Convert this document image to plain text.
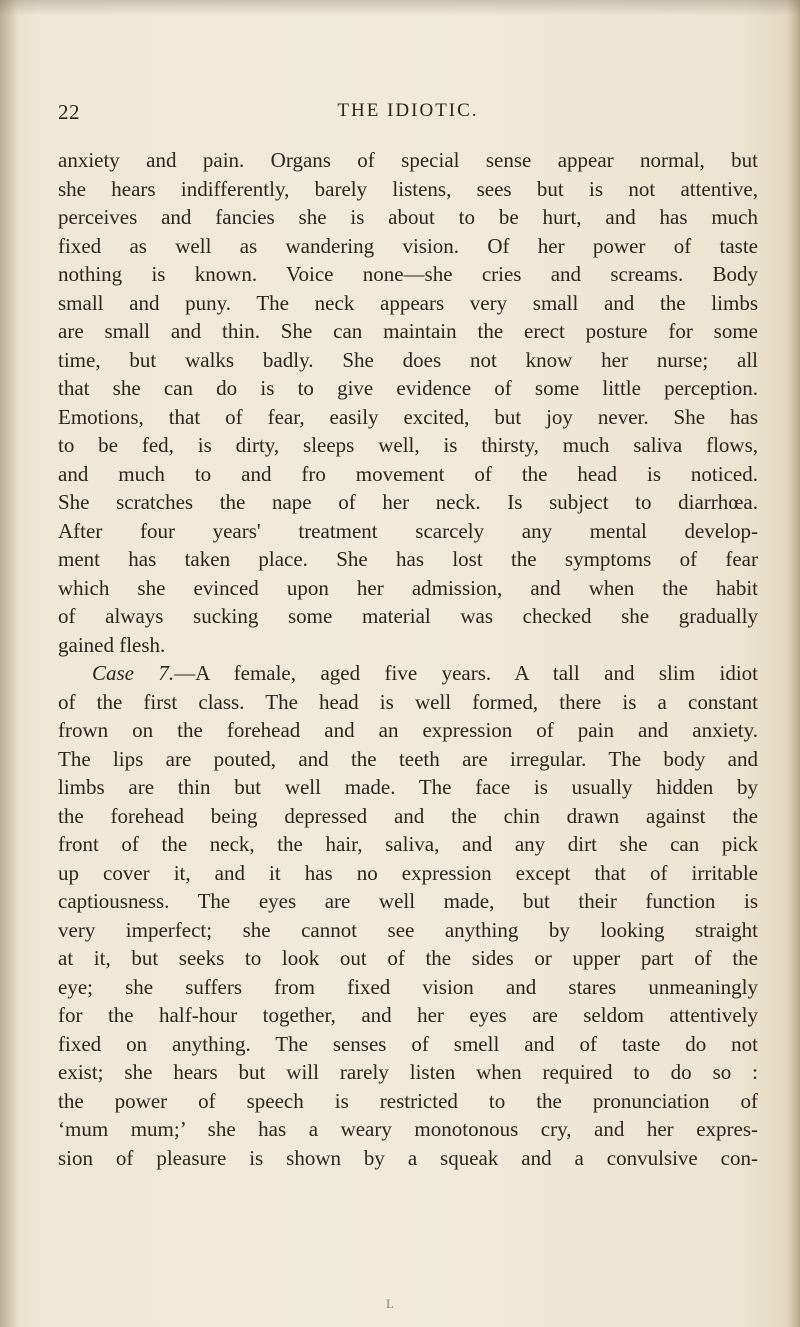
22	THE IDIOTIC.
anxiety and pain. Organs of special sense appear normal, but
she hears indifferently, barely listens, sees but is not attentive,
perceives and fancies she is about to be hurt, and has much
fixed as well as wandering vision. Of her power of taste
nothing is known. Voice none—she cries and screams. Body
small and puny. The neck appears very small and the limbs
are small and thin. She can maintain the erect posture for some
time, but walks badly. She does not know her nurse; all
that she can do is to give evidence of some little perception.
Emotions, that of fear, easily excited, but joy never. She has
to be fed, is dirty, sleeps well, is thirsty, much saliva flows,
and much to and fro movement of the head is noticed.
She scratches the nape of her neck. Is subject to diarrhœa.
After four years' treatment scarcely any mental develop-
ment has taken place. She has lost the symptoms of fear
which she evinced upon her admission, and when the habit
of always sucking some material was checked she gradually
gained flesh.
Case 7.—A female, aged five years. A tall and slim idiot
of the first class. The head is well formed, there is a constant
frown on the forehead and an expression of pain and anxiety.
The lips are pouted, and the teeth are irregular. The body and
limbs are thin but well made. The face is usually hidden by
the forehead being depressed and the chin drawn against the
front of the neck, the hair, saliva, and any dirt she can pick
up cover it, and it has no expression except that of irritable
captiousness. The eyes are well made, but their function is
very imperfect; she cannot see anything by looking straight
at it, but seeks to look out of the sides or upper part of the
eye; she suffers from fixed vision and stares unmeaningly
for the half-hour together, and her eyes are seldom attentively
fixed on anything. The senses of smell and of taste do not
exist; she hears but will rarely listen when required to do so :
the power of speech is restricted to the pronunciation of
‘mum mum;’ she has a weary monotonous cry, and her expres-
sion of pleasure is shown by a squeak and a convulsive con-
L
